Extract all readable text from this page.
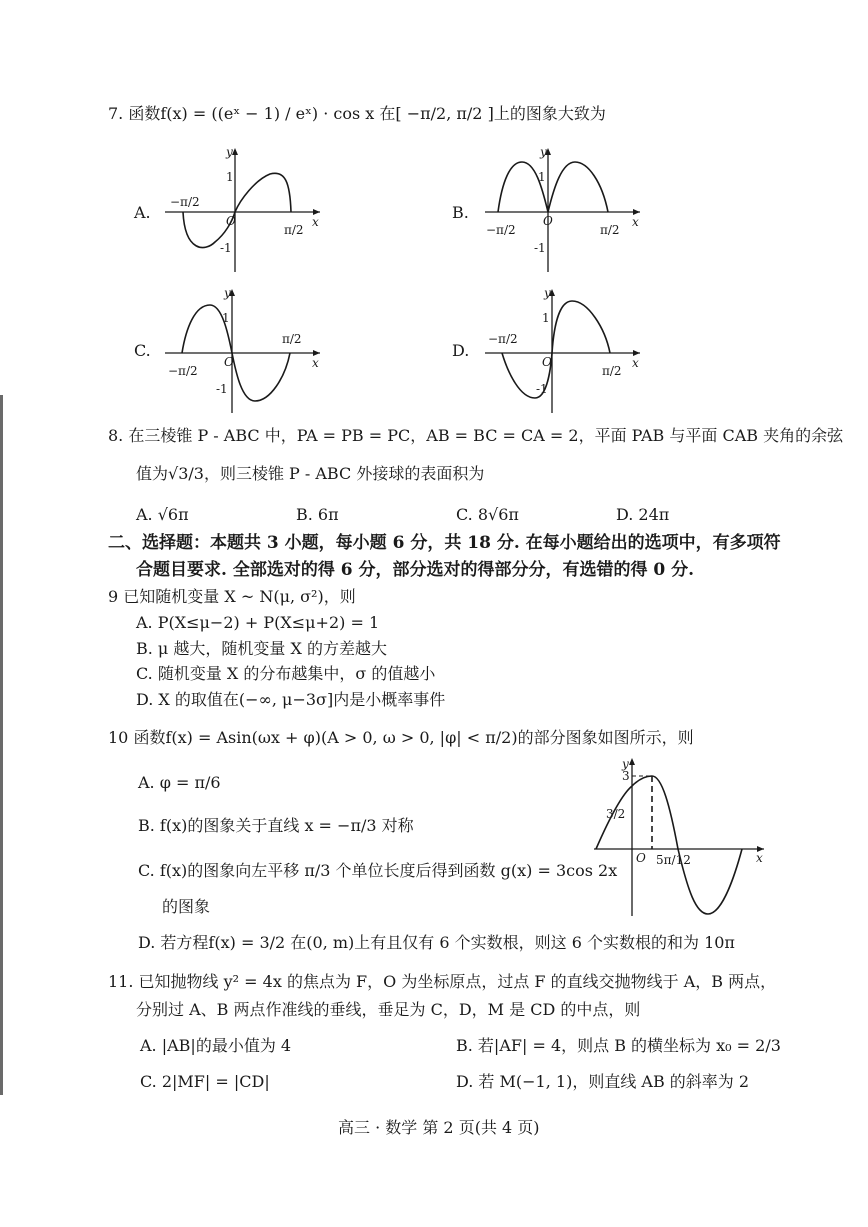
7. 函数f(x) = ((eˣ − 1) / eˣ) · cos x 在[ −π/2, π/2 ]上的图象大致为
A.	B.
C.	D.
y
x
O
1
-1
−π/2
π/2
y
x
O
1
-1
−π/2	π/2
y
x
O
1
-1
−π/2
π/2
y
x
O
1
-1
−π/2
π/2
8. 在三棱锥 P - ABC 中，PA = PB = PC，AB = BC = CA = 2，平面 PAB 与平面 CAB 夹角的余弦
值为√3/3，则三棱锥 P - ABC 外接球的表面积为
A. √6π	B. 6π	C. 8√6π	D. 24π
二、选择题：本题共 3 小题，每小题 6 分，共 18 分. 在每小题给出的选项中，有多项符
合题目要求. 全部选对的得 6 分，部分选对的得部分分，有选错的得 0 分.
9 已知随机变量 X ~ N(μ, σ²)，则
A. P(X≤μ−2) + P(X≤μ+2) = 1
B. μ 越大，随机变量 X 的方差越大
C. 随机变量 X 的分布越集中，σ 的值越小
D. X 的取值在(−∞, μ−3σ]内是小概率事件
10 函数f(x) = Asin(ωx + φ)(A > 0, ω > 0, |φ| < π/2)的部分图象如图所示，则
A. φ = π/6
B. f(x)的图象关于直线 x = −π/3 对称
C. f(x)的图象向左平移 π/3 个单位长度后得到函数 g(x) = 3cos 2x
的图象
D. 若方程f(x) = 3/2 在(0, m)上有且仅有 6 个实数根，则这 6 个实数根的和为 10π
y
x
O
3
3/2
5π/12
11. 已知抛物线 y² = 4x 的焦点为 F，O 为坐标原点，过点 F 的直线交抛物线于 A，B 两点，
分别过 A、B 两点作准线的垂线，垂足为 C，D，M 是 CD 的中点，则
A. |AB|的最小值为 4	B. 若|AF| = 4，则点 B 的横坐标为 x₀ = 2/3
C. 2|MF| = |CD|	D. 若 M(−1, 1)，则直线 AB 的斜率为 2
高三 · 数学 第 2 页(共 4 页)
